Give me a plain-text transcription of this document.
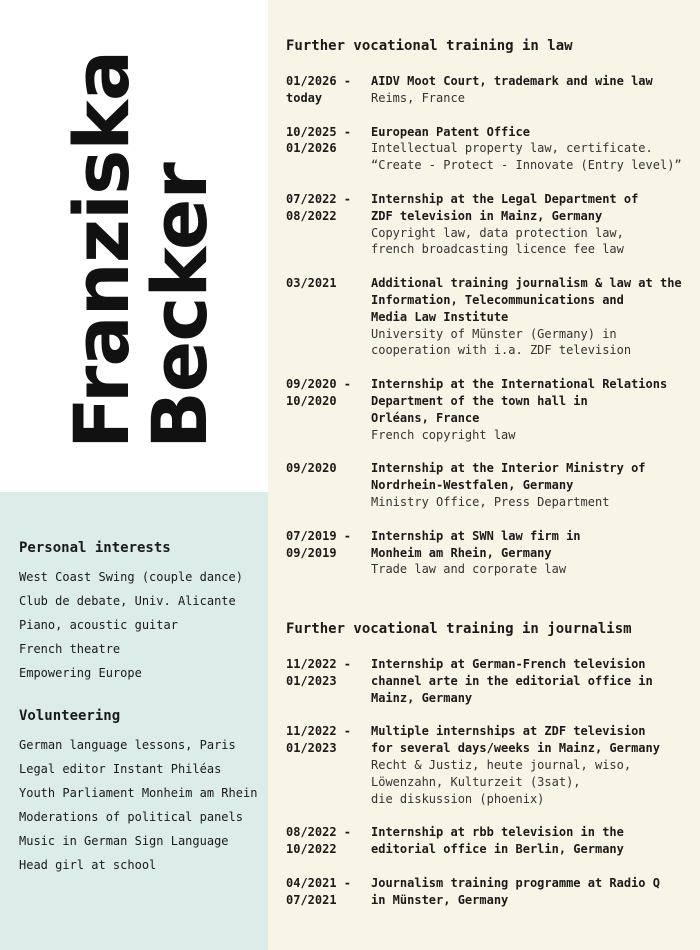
Franziska
Becker
Personal interests
West Coast Swing (couple dance)
Club de debate, Univ. Alicante
Piano, acoustic guitar
French theatre
Empowering Europe
Volunteering
German language lessons, Paris
Legal editor Instant Philéas
Youth Parliament Monheim am Rhein
Moderations of political panels
Music in German Sign Language
Head girl at school
Further vocational training in law
01/2026 -
today
AIDV Moot Court, trademark and wine law
Reims, France
10/2025 -
01/2026
European Patent Office
Intellectual property law, certificate.
“Create - Protect - Innovate (Entry level)”
07/2022 -
08/2022
Internship at the Legal Department of
ZDF television in Mainz, Germany
Copyright law, data protection law,
french broadcasting licence fee law
03/2021	Additional training journalism & law at the
Information, Telecommunications and
Media Law Institute
University of Münster (Germany) in
cooperation with i.a. ZDF television
09/2020 -
10/2020
Internship at the International Relations
Department of the town hall in
Orléans, France
French copyright law
09/2020	Internship at the Interior Ministry of
Nordrhein-Westfalen, Germany
Ministry Office, Press Department
07/2019 -
09/2019
Internship at SWN law firm in
Monheim am Rhein, Germany
Trade law and corporate law
Further vocational training in journalism
11/2022 -
01/2023
Internship at German-French television
channel arte in the editorial office in
Mainz, Germany
11/2022 -
01/2023
Multiple internships at ZDF television
for several days/weeks in Mainz, Germany
Recht & Justiz, heute journal, wiso,
Löwenzahn, Kulturzeit (3sat),
die diskussion (phoenix)
08/2022 -
10/2022
Internship at rbb television in the
editorial office in Berlin, Germany
04/2021 -
07/2021
Journalism training programme at Radio Q
in Münster, Germany
